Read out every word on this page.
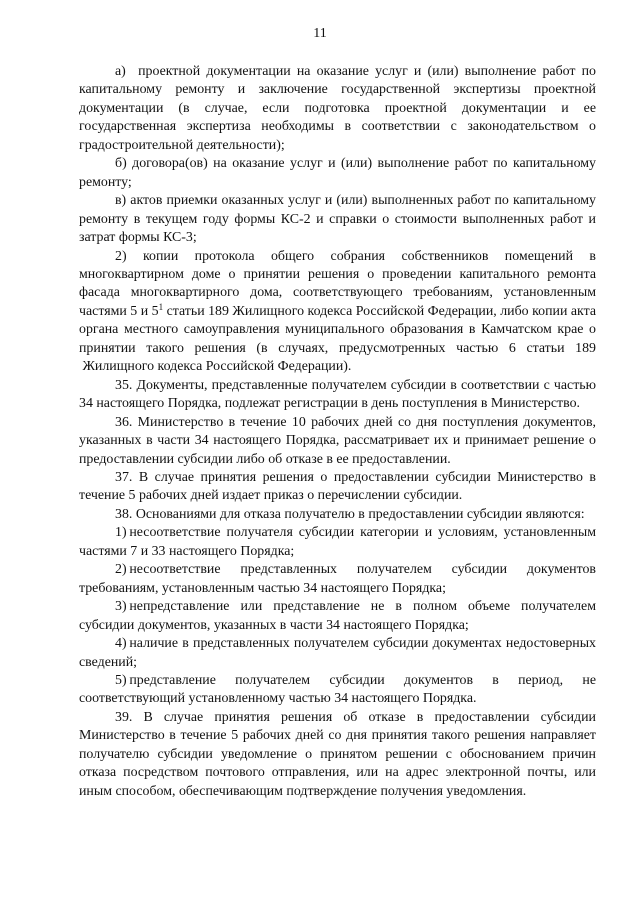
11

а)  проектной документации на оказание услуг и (или) выполнение работ по капитальному ремонту и заключение государственной экспертизы проектной документации (в случае, если подготовка проектной документации и ее государственная экспертиза необходимы в соответствии с законодательством о градостроительной деятельности);

б) договора(ов) на оказание услуг и (или) выполнение работ по капитальному ремонту;

в) актов приемки оказанных услуг и (или) выполненных работ по капитальному ремонту в текущем году формы КС-2 и справки о стоимости выполненных работ и затрат формы КС-3;

2) копии протокола общего собрания собственников помещений в многоквартирном доме о принятии решения о проведении капитального ремонта фасада многоквартирного дома, соответствующего требованиям, установленным частями 5 и $5^1$ статьи 189 Жилищного кодекса Российской Федерации, либо копии акта органа местного самоуправления муниципального образования в Камчатском крае о принятии такого решения (в случаях, предусмотренных частью 6 статьи 189  Жилищного кодекса Российской Федерации).

35. Документы, представленные получателем субсидии в соответствии с частью 34 настоящего Порядка, подлежат регистрации в день поступления в Министерство.

36. Министерство в течение 10 рабочих дней со дня поступления документов, указанных в части 34 настоящего Порядка, рассматривает их и принимает решение о предоставлении субсидии либо об отказе в ее предоставлении.

37. В случае принятия решения о предоставлении субсидии Министерство в течение 5 рабочих дней издает приказ о перечислении субсидии.

38. Основаниями для отказа получателю в предоставлении субсидии являются:

1) несоответствие получателя субсидии категории и условиям, установленным частями 7 и 33 настоящего Порядка;

2) несоответствие представленных получателем субсидии документов требованиям, установленным частью 34 настоящего Порядка;

3) непредставление или представление не в полном объеме получателем субсидии документов, указанных в части 34 настоящего Порядка;

4) наличие в представленных получателем субсидии документах недостоверных сведений;

5) представление получателем субсидии документов в период, не соответствующий установленному частью 34 настоящего Порядка.

39. В случае принятия решения об отказе в предоставлении субсидии Министерство в течение 5 рабочих дней со дня принятия такого решения направляет получателю субсидии уведомление о принятом решении с обоснованием причин отказа посредством почтового отправления, или на адрес электронной почты, или иным способом, обеспечивающим подтверждение получения уведомления.
